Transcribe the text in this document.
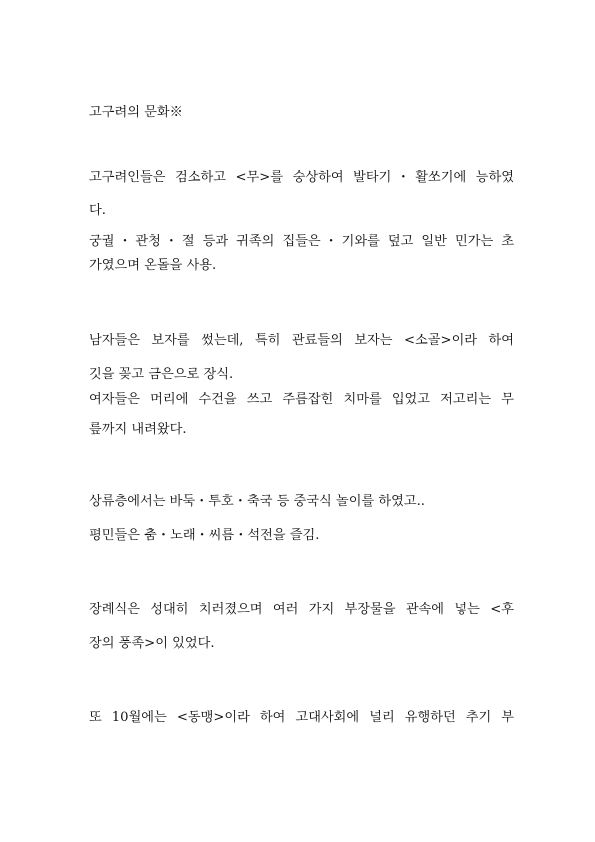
고구려의 문화※
고구려인들은 검소하고 <무>를 숭상하여 발타기・활쏘기에 능하였
다.
궁궐・관청・절 등과 귀족의 집들은・기와를 덮고 일반 민가는 초
가였으며 온돌을 사용.
남자들은 보자를 썼는데, 특히 관료들의 보자는 <소골>이라 하여
깃을 꽂고 금은으로 장식.
여자들은 머리에 수건을 쓰고 주름잡힌 치마를 입었고 저고리는 무
릎까지 내려왔다.
상류층에서는 바둑・투호・축국 등 중국식 놀이를 하였고..
평민들은 춤・노래・씨름・석전을 즐김.
장례식은 성대히 치러졌으며 여러 가지 부장물을 관속에 넣는 <후
장의 풍족>이 있었다.
또 10월에는 <동맹>이라 하여 고대사회에 널리 유행하던 추기 부
